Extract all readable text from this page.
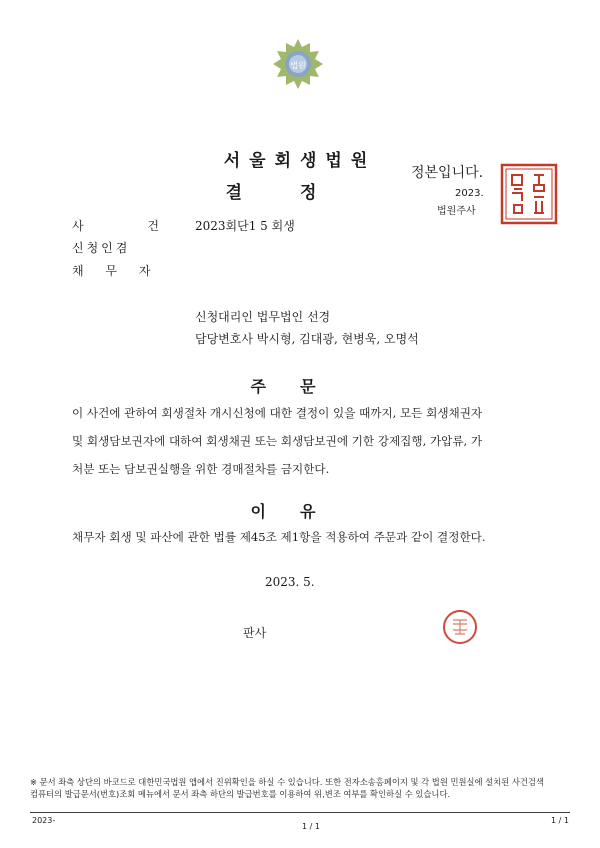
법원
서울회생법원
결정
정본입니다.
2023.
법원주사
사 건 2023회단1 5 회생
신청인겸
채 무 자
신청대리인 법무법인 선경
담당변호사 박시형, 김대광, 현병욱, 오명석
주문
이 사건에 관하여 회생절차 개시신청에 대한 결정이 있을 때까지, 모든 회생채권자
및 회생담보권자에 대하여 회생채권 또는 회생담보권에 기한 강제집행, 가압류, 가
처분 또는 담보권실행을 위한 경매절차를 금지한다.
이유
채무자 회생 및 파산에 관한 법률 제45조 제1항을 적용하여 주문과 같이 결정한다.
2023. 5.
판사
※ 문서 좌측 상단의 바코드로 대한민국법원 앱에서 진위확인을 하실 수 있습니다. 또한 전자소송홈페이지 및 각 법원 민원실에 설치된 사건검색 컴퓨터의 발급문서(번호)조회 메뉴에서 문서 좌측 하단의 발급번호를 이용하여 위,변조 여부를 확인하실 수 있습니다.
2023-
1 / 1
1 / 1
